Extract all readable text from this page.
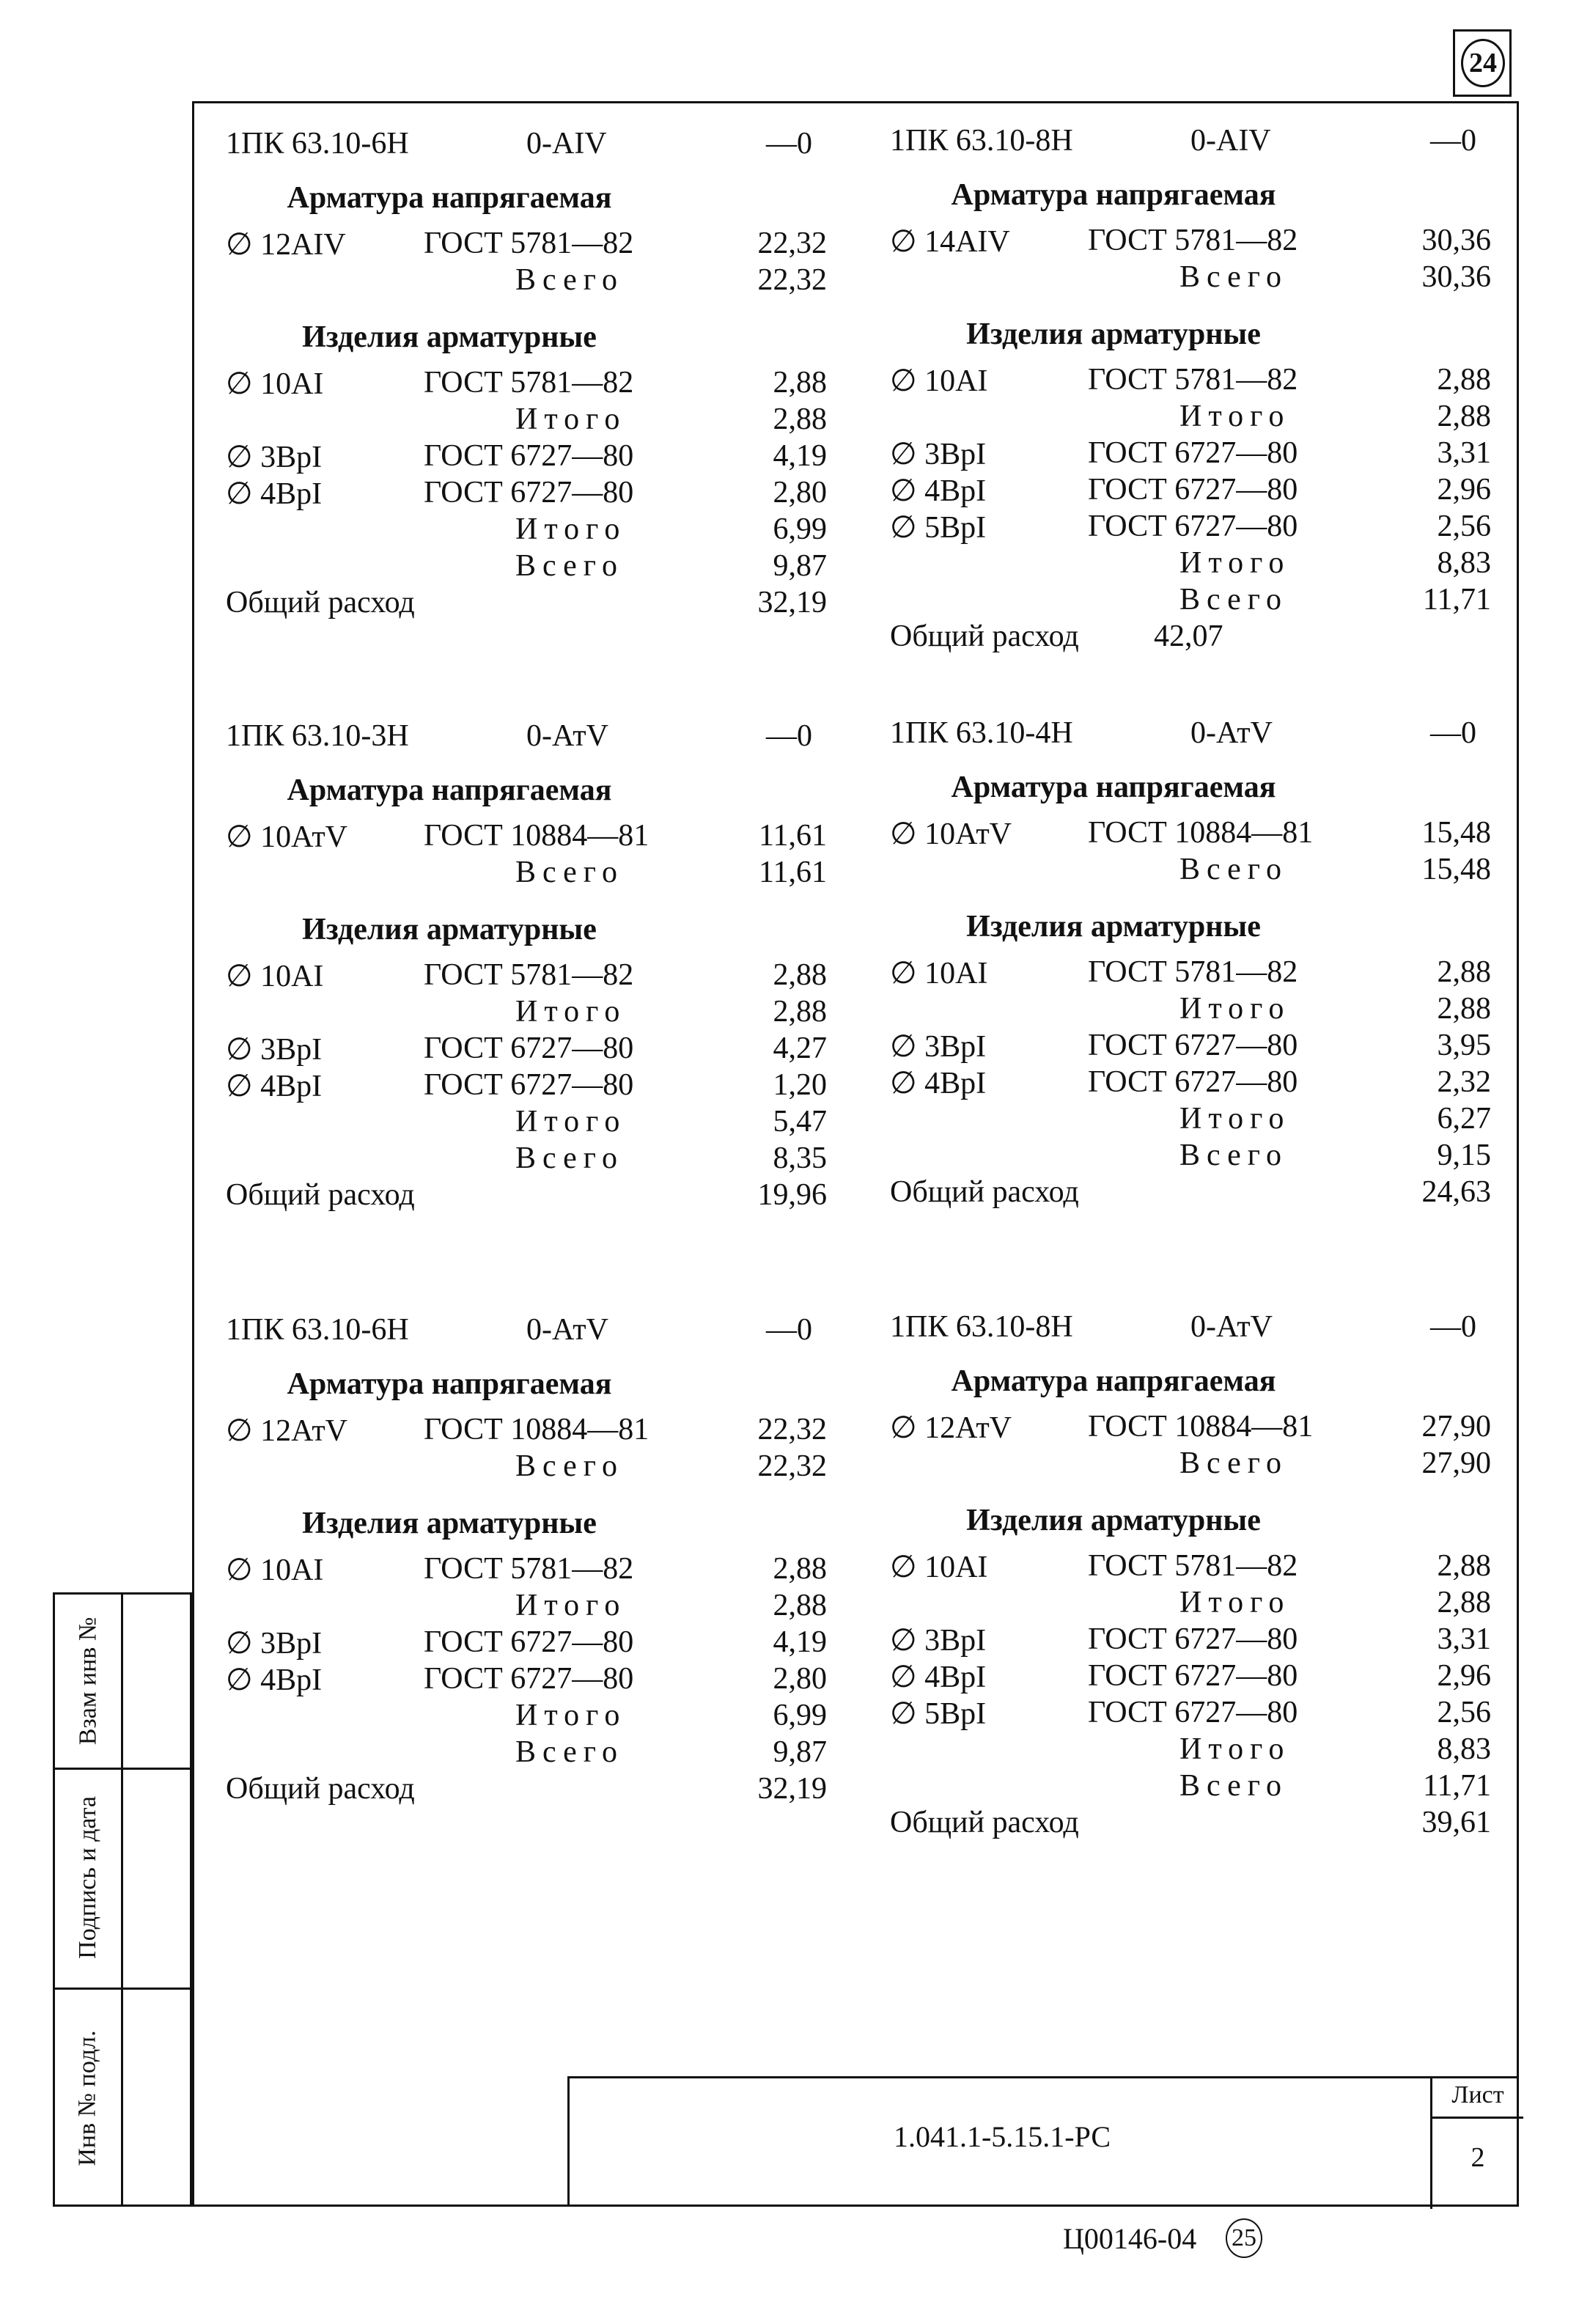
24
1ПК 63.10-6Н	0-AIV	—0
Арматура напрягаемая
∅ 12AIV	ГОСТ 5781—82	22,32
Всего	22,32
Изделия арматурные
∅ 10AI	ГОСТ 5781—82	2,88
Итого	2,88
∅ 3BpI	ГОСТ 6727—80	4,19
∅ 4BpI	ГОСТ 6727—80	2,80
Итого	6,99
Всего	9,87
Общий расход	32,19
1ПК 63.10-8Н	0-AIV	—0
Арматура напрягаемая
∅ 14AIV	ГОСТ 5781—82	30,36
Всего	30,36
Изделия арматурные
∅ 10AI	ГОСТ 5781—82	2,88
Итого	2,88
∅ 3BpI	ГОСТ 6727—80	3,31
∅ 4BpI	ГОСТ 6727—80	2,96
∅ 5BpI	ГОСТ 6727—80	2,56
Итого	8,83
Всего	11,71
Общий расход 42,07
1ПК 63.10-3Н	0-АтV	—0
Арматура напрягаемая
∅ 10АтV ГОСТ 10884—81	11,61
Всего	11,61
Изделия арматурные
∅ 10AI	ГОСТ 5781—82	2,88
Итого	2,88
∅ 3BpI	ГОСТ 6727—80	4,27
∅ 4BpI	ГОСТ 6727—80	1,20
Итого	5,47
Всего	8,35
Общий расход	19,96
1ПК 63.10-4Н	0-АтV	—0
Арматура напрягаемая
∅ 10АтV ГОСТ 10884—81	15,48
Всего	15,48
Изделия арматурные
∅ 10AI	ГОСТ 5781—82	2,88
Итого	2,88
∅ 3BpI	ГОСТ 6727—80	3,95
∅ 4BpI	ГОСТ 6727—80	2,32
Итого	6,27
Всего	9,15
Общий расход	24,63
1ПК 63.10-6Н	0-АтV	—0
Арматура напрягаемая
∅ 12АтV ГОСТ 10884—81	22,32
Всего	22,32
Изделия арматурные
∅ 10AI	ГОСТ 5781—82	2,88
Итого	2,88
∅ 3BpI	ГОСТ 6727—80	4,19
∅ 4BpI	ГОСТ 6727—80	2,80
Итого	6,99
Всего	9,87
Общий расход	32,19
1ПК 63.10-8Н	0-АтV	—0
Арматура напрягаемая
∅ 12АтV ГОСТ 10884—81	27,90
Всего	27,90
Изделия арматурные
∅ 10AI	ГОСТ 5781—82	2,88
Итого	2,88
∅ 3BpI	ГОСТ 6727—80	3,31
∅ 4BpI	ГОСТ 6727—80	2,96
∅ 5BpI	ГОСТ 6727—80	2,56
Итого	8,83
Всего	11,71
Общий расход	39,61
Взам инв №
Подпись и дата
Инв № подл.	1.041.1-5.15.1-РС
Лист
2
Ц00146-04 25
